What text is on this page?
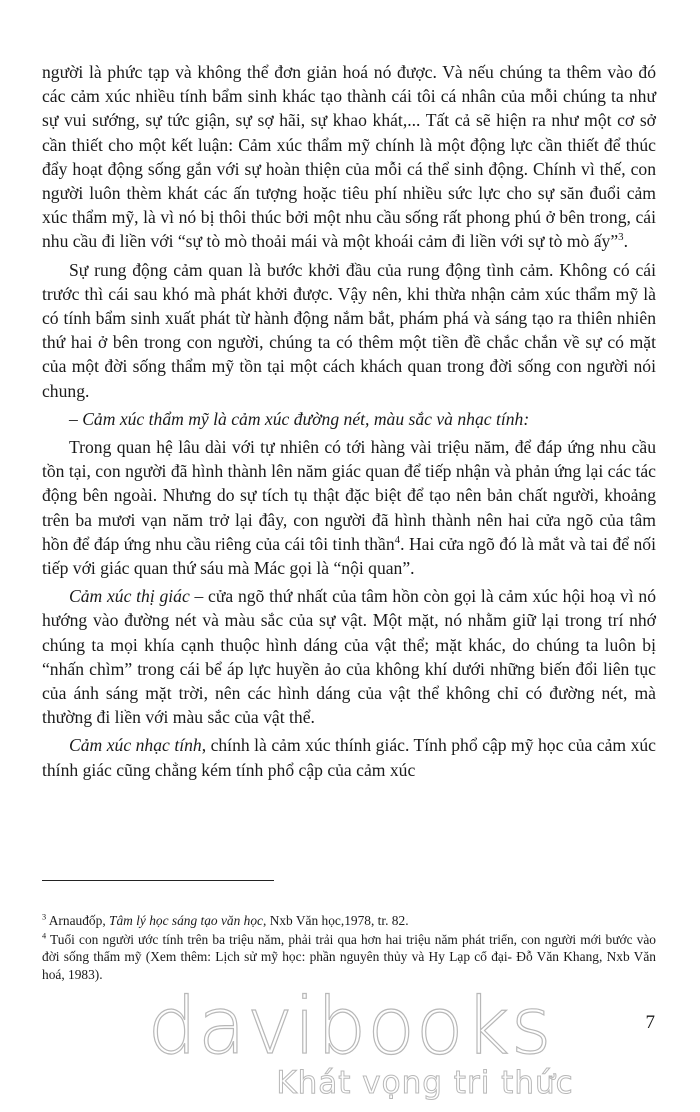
người là phức tạp và không thể đơn giản hoá nó được. Và nếu chúng ta thêm vào đó các cảm xúc nhiều tính bẩm sinh khác tạo thành cái tôi cá nhân của mỗi chúng ta như sự vui sướng, sự tức giận, sự sợ hãi, sự khao khát,... Tất cả sẽ hiện ra như một cơ sở cần thiết cho một kết luận: Cảm xúc thẩm mỹ chính là một động lực cần thiết để thúc đẩy hoạt động sống gắn với sự hoàn thiện của mỗi cá thể sinh động. Chính vì thế, con người luôn thèm khát các ấn tượng hoặc tiêu phí nhiều sức lực cho sự săn đuổi cảm xúc thẩm mỹ, là vì nó bị thôi thúc bởi một nhu cầu sống rất phong phú ở bên trong, cái nhu cầu đi liền với “sự tò mò thoải mái và một khoái cảm đi liền với sự tò mò ấy”$^3$.

Sự rung động cảm quan là bước khởi đầu của rung động tình cảm. Không có cái trước thì cái sau khó mà phát khởi được. Vậy nên, khi thừa nhận cảm xúc thẩm mỹ là có tính bẩm sinh xuất phát từ hành động nắm bắt, phám phá và sáng tạo ra thiên nhiên thứ hai ở bên trong con người, chúng ta có thêm một tiền đề chắc chắn về sự có mặt của một đời sống thẩm mỹ tồn tại một cách khách quan trong đời sống con người nói chung.

– Cảm xúc thẩm mỹ là cảm xúc đường nét, màu sắc và nhạc tính:

Trong quan hệ lâu dài với tự nhiên có tới hàng vài triệu năm, để đáp ứng nhu cầu tồn tại, con người đã hình thành lên năm giác quan để tiếp nhận và phản ứng lại các tác động bên ngoài. Nhưng do sự tích tụ thật đặc biệt để tạo nên bản chất người, khoảng trên ba mươi vạn năm trở lại đây, con người đã hình thành nên hai cửa ngõ của tâm hồn để đáp ứng nhu cầu riêng của cái tôi tinh thần$^4$. Hai cửa ngõ đó là mắt và tai để nối tiếp với giác quan thứ sáu mà Mác gọi là “nội quan”.

Cảm xúc thị giác – cửa ngõ thứ nhất của tâm hồn còn gọi là cảm xúc hội hoạ vì nó hướng vào đường nét và màu sắc của sự vật. Một mặt, nó nhằm giữ lại trong trí nhớ chúng ta mọi khía cạnh thuộc hình dáng của vật thể; mặt khác, do chúng ta luôn bị “nhấn chìm” trong cái bể áp lực huyền ảo của không khí dưới những biến đổi liên tục của ánh sáng mặt trời, nên các hình dáng của vật thể không chỉ có đường nét, mà thường đi liền với màu sắc của vật thể.

Cảm xúc nhạc tính, chính là cảm xúc thính giác. Tính phổ cập mỹ học của cảm xúc thính giác cũng chẳng kém tính phổ cập của cảm xúc

$^3$ Arnauđốp, Tâm lý học sáng tạo văn học, Nxb Văn học,1978, tr. 82.

$^4$ Tuổi con người ước tính trên ba triệu năm, phải trải qua hơn hai triệu năm phát triển, con người mới bước vào đời sống thẩm mỹ (Xem thêm: Lịch sử mỹ học: phần nguyên thủy và Hy Lạp cổ đại- Đỗ Văn Khang, Nxb Văn hoá, 1983).

davibooks	7
Khát vọng tri thức
